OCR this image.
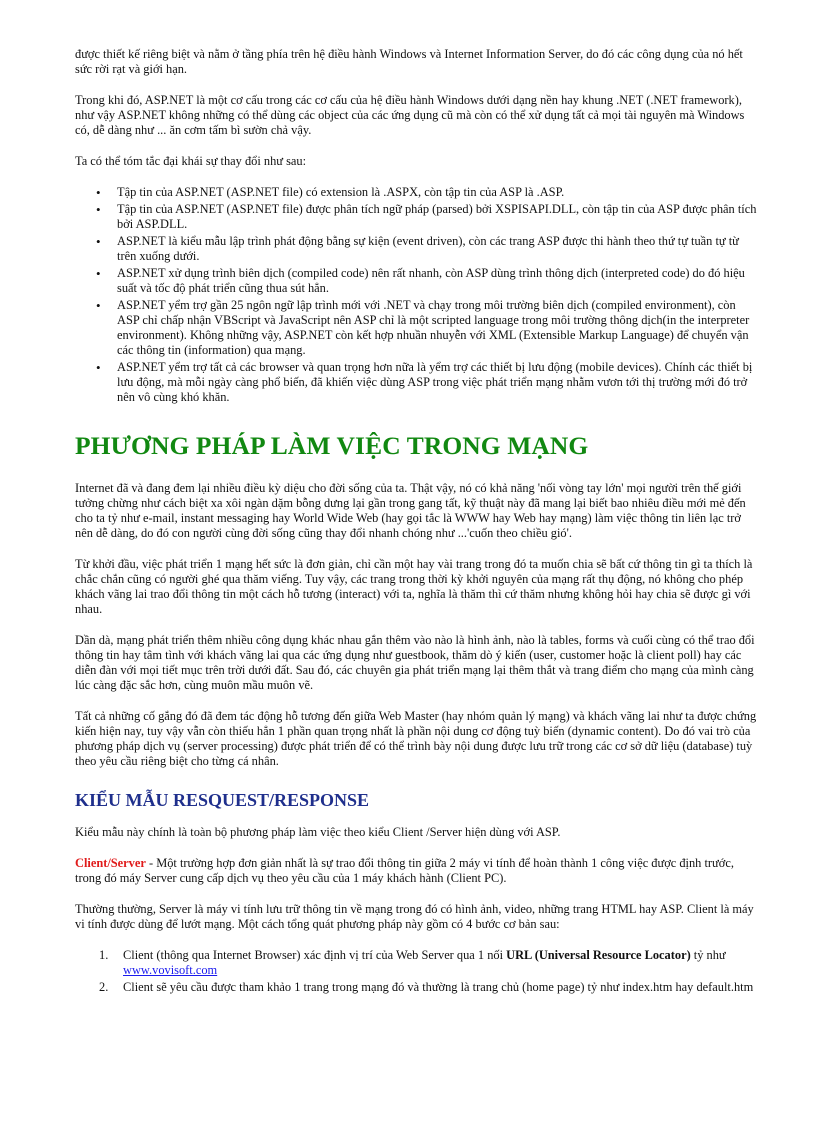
được thiết kế riêng biệt và nằm ở tầng phía trên hệ điều hành Windows và Internet Information Server, do đó các công dụng của nó hết sức rời rạt và giới hạn.

Trong khi đó, ASP.NET là một cơ cấu trong các cơ cấu của hệ điều hành Windows dưới dạng nền hay khung .NET (.NET framework), như vậy ASP.NET không những có thể dùng các object của các ứng dụng cũ mà còn có thể xử dụng tất cả mọi tài nguyên mà Windows có, dễ dàng như ... ăn cơm tấm bì sườn chả vậy.

Ta có thể tóm tắc đại khái sự thay đổi như sau:

• Tập tin của ASP.NET (ASP.NET file) có extension là .ASPX, còn tập tin của ASP là .ASP.
• Tập tin của ASP.NET (ASP.NET file) được phân tích ngữ pháp (parsed) bởi XSPISAPI.DLL, còn tập tin của ASP được phân tích bởi ASP.DLL.
• ASP.NET là kiểu mẫu lập trình phát động bằng sự kiện (event driven), còn các trang ASP được thi hành theo thứ tự tuần tự từ trên xuống dưới.
• ASP.NET xử dụng trình biên dịch (compiled code) nên rất nhanh, còn ASP dùng trình thông dịch (interpreted code) do đó hiệu suất và tốc độ phát triển cũng thua sút hẳn.
• ASP.NET yểm trợ gần 25 ngôn ngữ lập trình mới với .NET và chạy trong môi trường biên dịch (compiled environment), còn ASP chỉ chấp nhận VBScript và JavaScript nên ASP chỉ là một scripted language trong môi trường thông dịch(in the interpreter environment). Không những vậy, ASP.NET còn kết hợp nhuần nhuyễn với XML (Extensible Markup Language) để chuyển vận các thông tin (information) qua mạng.
• ASP.NET yểm trợ tất cả các browser và quan trọng hơn nữa là yểm trợ các thiết bị lưu động (mobile devices). Chính các thiết bị lưu động, mà mỗi ngày càng phổ biến, đã khiến việc dùng ASP trong việc phát triển mạng nhằm vươn tới thị trường mới đó trở nên vô cùng khó khăn.
PHƯƠNG PHÁP LÀM VIỆC TRONG MẠNG

Internet đã và đang đem lại nhiều điều kỳ diệu cho đời sống của ta. Thật vậy, nó có khả năng 'nối vòng tay lớn' mọi người trên thế giới tưởng chừng như cách biệt xa xôi ngàn dặm bỗng dưng lại gần trong gang tất, kỹ thuật này đã mang lại biết bao nhiêu điều mới mẻ đến cho ta tỷ như e-mail, instant messaging hay World Wide Web (hay gọi tắc là WWW hay Web hay mạng) làm việc thông tin liên lạc trở nên dễ dàng, do đó con người cùng đời sống cũng thay đổi nhanh chóng như ...'cuốn theo chiều gió'.

Từ khởi đầu, việc phát triển 1 mạng hết sức là đơn giản, chỉ cần một hay vài trang trong đó ta muốn chia sẽ bất cứ thông tin gì ta thích là chắc chắn cũng có người ghé qua thăm viếng. Tuy vậy, các trang trong thời kỳ khởi nguyên của mạng rất thụ động, nó không cho phép khách vãng lai trao đổi thông tin một cách hỗ tương (interact) với ta, nghĩa là thăm thì cứ thăm nhưng không hỏi hay chia sẽ được gì với nhau.

Dần dà, mạng phát triển thêm nhiều công dụng khác nhau gắn thêm vào nào là hình ảnh, nào là tables, forms và cuối cùng có thể trao đổi thông tin hay tâm tình với khách vãng lai qua các ứng dụng như guestbook, thăm dò ý kiến (user, customer hoặc là client poll) hay các diễn đàn với mọi tiết mục trên trời dưới đất. Sau đó, các chuyên gia phát triển mạng lại thêm thắt và trang điểm cho mạng của mình càng lúc càng đặc sắc hơn, cùng muôn mầu muôn vẽ.

Tất cả những cố gắng đó đã đem tác động hỗ tương đến giữa Web Master (hay nhóm quản lý mạng) và khách vãng lai như ta được chứng kiến hiện nay, tuy vậy vẫn còn thiếu hẳn 1 phần quan trọng nhất là phần nội dung cơ động tuỳ biến (dynamic content). Do đó vai trò của phương pháp dịch vụ (server processing) được phát triển để có thể trình bày nội dung được lưu trữ trong các cơ sở dữ liệu (database) tuỳ theo yêu cầu riêng biệt cho từng cá nhân.

KIỂU MẪU RESQUEST/RESPONSE

Kiểu mẫu này chính là toàn bộ phương pháp làm việc theo kiểu Client /Server hiện dùng với ASP.

Client/Server - Một trường hợp đơn giản nhất là sự trao đổi thông tin giữa 2 máy vi tính để hoàn thành 1 công việc được định trước, trong đó máy Server cung cấp dịch vụ theo yêu cầu của 1 máy khách hành (Client PC).

Thường thường, Server là máy vi tính lưu trữ thông tin về mạng trong đó có hình ảnh, video, những trang HTML hay ASP. Client là máy vi tính được dùng để lướt mạng. Một cách tổng quát phương pháp này gồm có 4 bước cơ bản sau:

1. Client (thông qua Internet Browser) xác định vị trí của Web Server qua 1 nối URL (Universal Resource Locator) tỷ như www.vovisoft.com
2. Client sẽ yêu cầu được tham khảo 1 trang trong mạng đó và thường là trang chủ (home page) tỷ như index.htm hay default.htm
